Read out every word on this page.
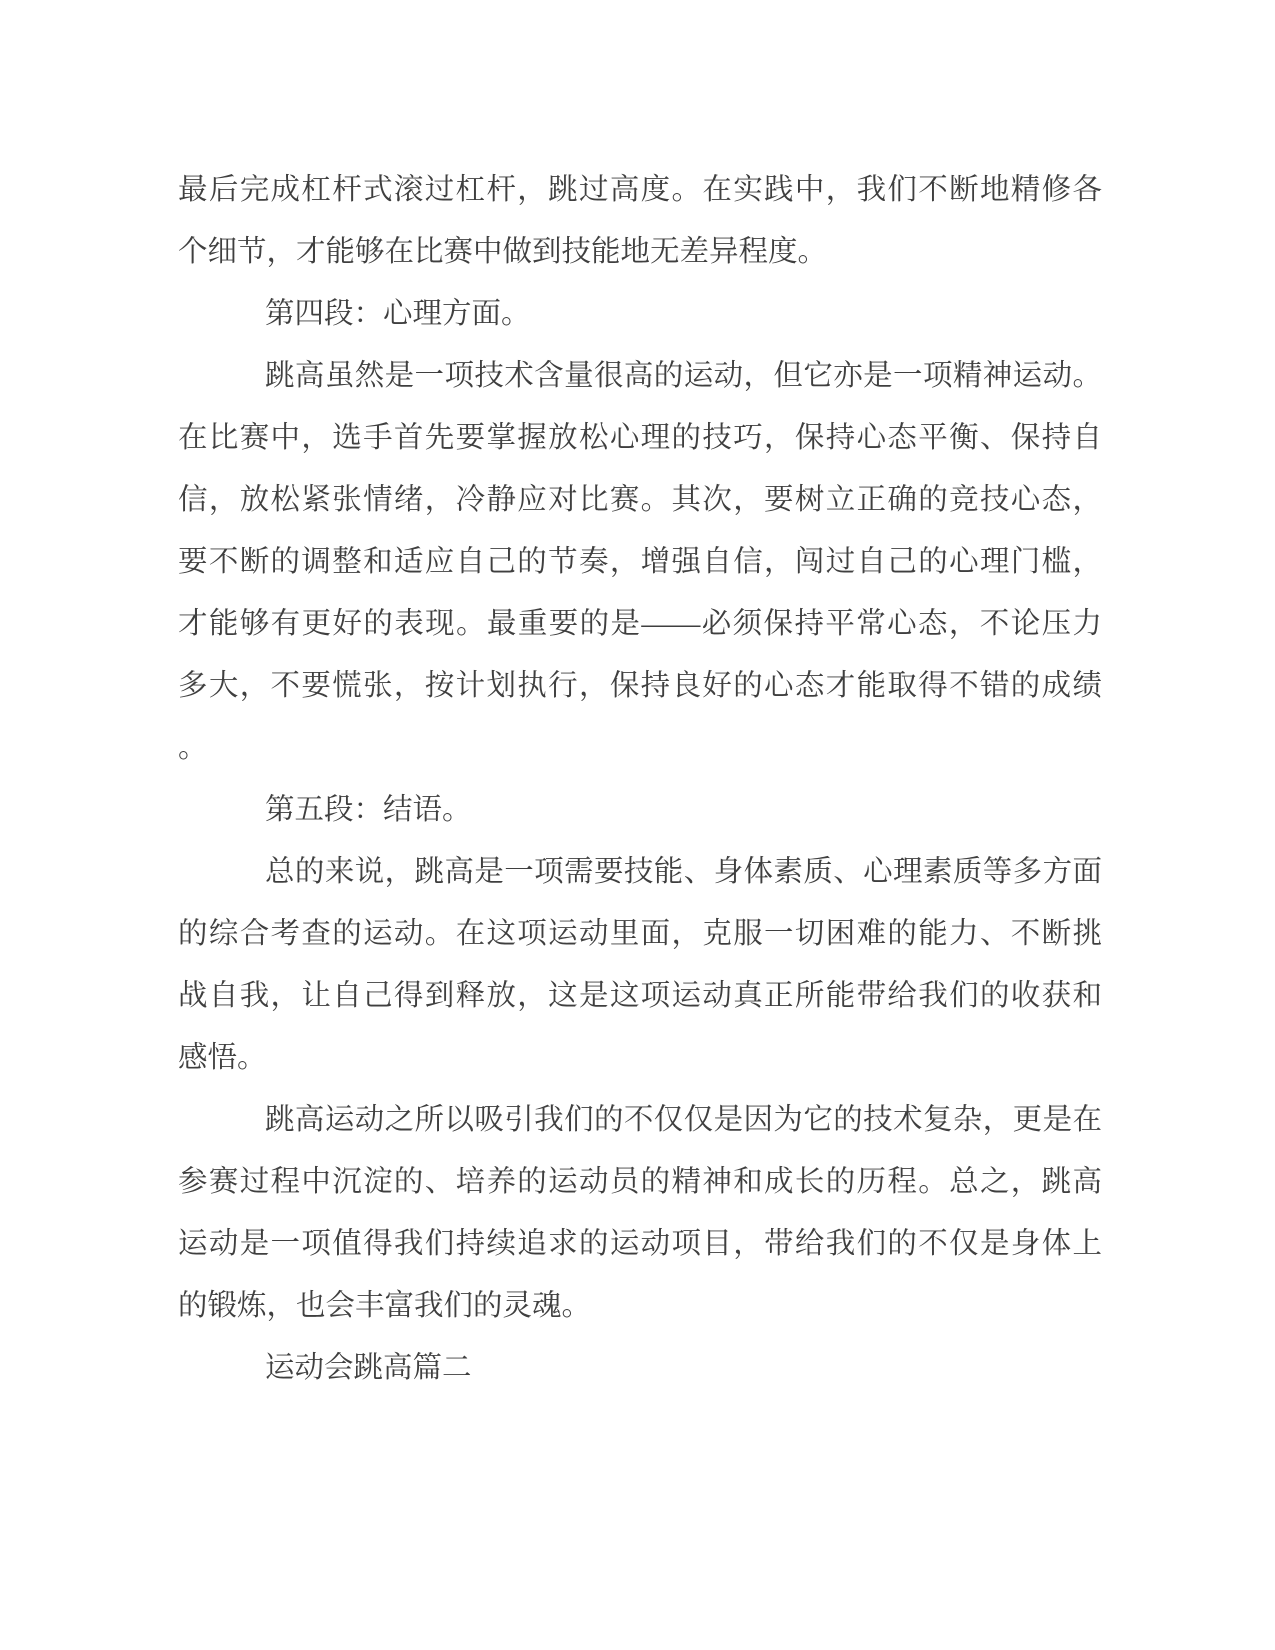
最后完成杠杆式滚过杠杆，跳过高度。在实践中，我们不断地精修各
个细节，才能够在比赛中做到技能地无差异程度。
第四段：心理方面。
跳高虽然是一项技术含量很高的运动，但它亦是一项精神运动。
在比赛中，选手首先要掌握放松心理的技巧，保持心态平衡、保持自
信，放松紧张情绪，冷静应对比赛。其次，要树立正确的竞技心态，
要不断的调整和适应自己的节奏，增强自信，闯过自己的心理门槛，
才能够有更好的表现。最重要的是——必须保持平常心态，不论压力
多大，不要慌张，按计划执行，保持良好的心态才能取得不错的成绩
。
第五段：结语。
总的来说，跳高是一项需要技能、身体素质、心理素质等多方面
的综合考查的运动。在这项运动里面，克服一切困难的能力、不断挑
战自我，让自己得到释放，这是这项运动真正所能带给我们的收获和
感悟。
跳高运动之所以吸引我们的不仅仅是因为它的技术复杂，更是在
参赛过程中沉淀的、培养的运动员的精神和成长的历程。总之，跳高
运动是一项值得我们持续追求的运动项目，带给我们的不仅是身体上
的锻炼，也会丰富我们的灵魂。
运动会跳高篇二
